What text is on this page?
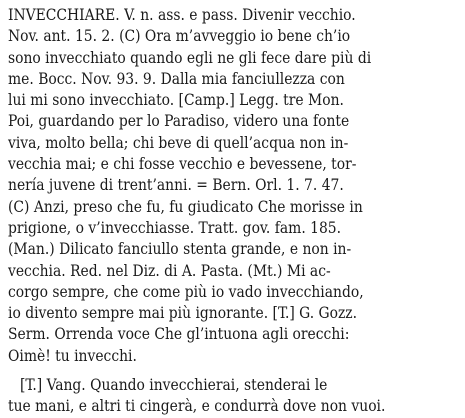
INVECCHIARE. V. n. ass. e pass. Divenir vecchio.
Nov. ant. 15. 2. (C) Ora m’avveggio io bene ch’io
sono invecchiato quando egli ne gli fece dare più di
me. Bocc. Nov. 93. 9. Dalla mia fanciullezza con
lui mi sono invecchiato. [Camp.] Legg. tre Mon.
Poi, guardando per lo Paradiso, videro una fonte
viva, molto bella; chi beve di quell’acqua non in-
vecchia mai; e chi fosse vecchio e bevessene, tor-
nería juvene di trent’anni. = Bern. Orl. 1. 7. 47.
(C) Anzi, preso che fu, fu giudicato Che morisse in
prigione, o v’invecchiasse. Tratt. gov. fam. 185.
(Man.) Dilicato fanciullo stenta grande, e non in-
vecchia. Red. nel Diz. di A. Pasta. (Mt.) Mi ac-
corgo sempre, che come più io vado invecchiando,
io divento sempre mai più ignorante. [T.] G. Gozz.
Serm. Orrenda voce Che gl’intuona agli orecchi:
Oimè! tu invecchi.
[T.] Vang. Quando invecchierai, stenderai le
tue mani, e altri ti cingerà, e condurrà dove non vuoi.
